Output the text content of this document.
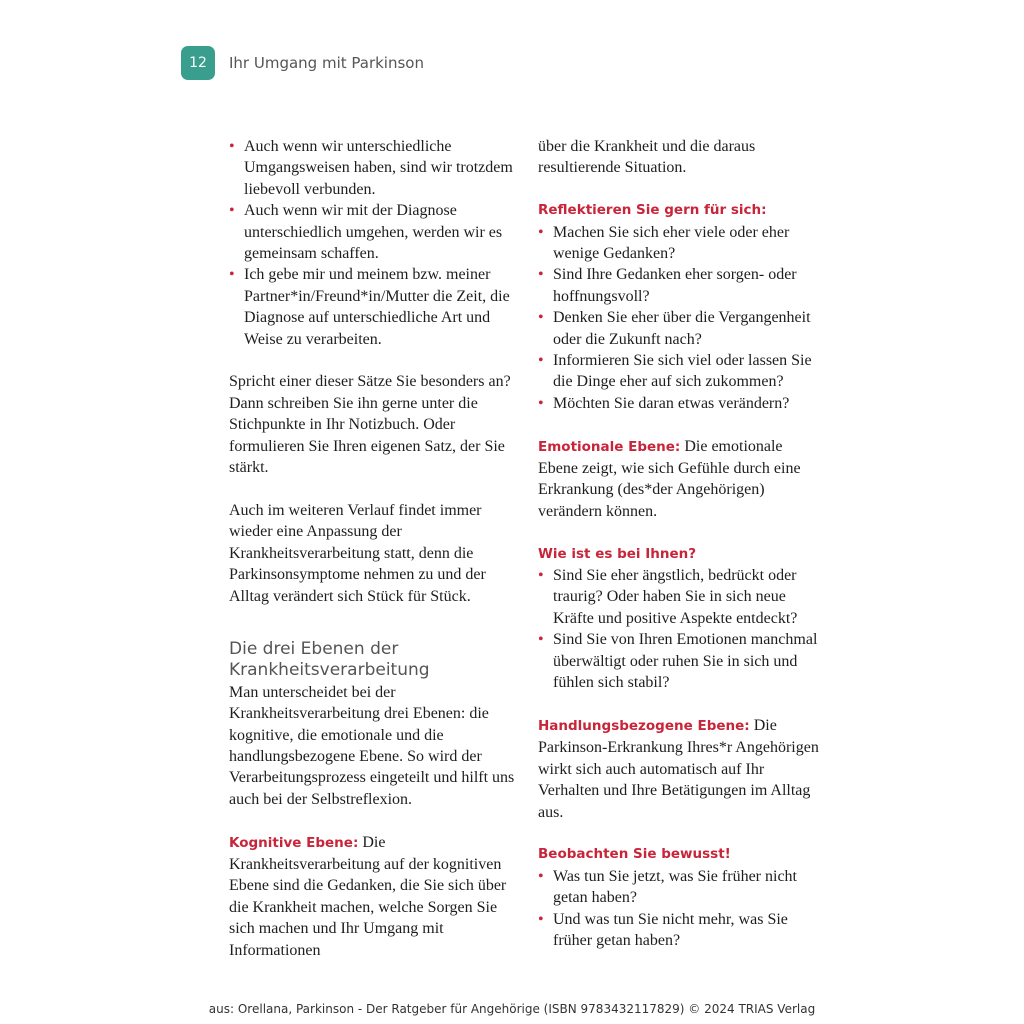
12 Ihr Umgang mit Parkinson
• Auch wenn wir unterschiedliche Umgangsweisen haben, sind wir trotzdem liebevoll verbunden.
• Auch wenn wir mit der Diagnose unterschiedlich umgehen, werden wir es gemeinsam schaffen.
• Ich gebe mir und meinem bzw. meiner Partner*in/Freund*in/Mutter die Zeit, die Diagnose auf unterschiedliche Art und Weise zu verarbeiten.

Spricht einer dieser Sätze Sie besonders an? Dann schreiben Sie ihn gerne unter die Stichpunkte in Ihr Notizbuch. Oder formulieren Sie Ihren eigenen Satz, der Sie stärkt.

Auch im weiteren Verlauf findet immer wieder eine Anpassung der Krankheitsverarbeitung statt, denn die Parkinsonsymptome nehmen zu und der Alltag verändert sich Stück für Stück.

Die drei Ebenen der Krankheitsverarbeitung

Man unterscheidet bei der Krankheitsverarbeitung drei Ebenen: die kognitive, die emotionale und die handlungsbezogene Ebene. So wird der Verarbeitungsprozess eingeteilt und hilft uns auch bei der Selbstreflexion.

Kognitive Ebene: Die Krankheitsverarbeitung auf der kognitiven Ebene sind die Gedanken, die Sie sich über die Krankheit machen, welche Sorgen Sie sich machen und Ihr Umgang mit Informationen

über die Krankheit und die daraus resultierende Situation.

Reflektieren Sie gern für sich:
• Machen Sie sich eher viele oder eher wenige Gedanken?
• Sind Ihre Gedanken eher sorgen- oder hoffnungsvoll?
• Denken Sie eher über die Vergangenheit oder die Zukunft nach?
• Informieren Sie sich viel oder lassen Sie die Dinge eher auf sich zukommen?
• Möchten Sie daran etwas verändern?

Emotionale Ebene: Die emotionale Ebene zeigt, wie sich Gefühle durch eine Erkrankung (des*der Angehörigen) verändern können.

Wie ist es bei Ihnen?
• Sind Sie eher ängstlich, bedrückt oder traurig? Oder haben Sie in sich neue Kräfte und positive Aspekte entdeckt?
• Sind Sie von Ihren Emotionen manchmal überwältigt oder ruhen Sie in sich und fühlen sich stabil?

Handlungsbezogene Ebene: Die Parkinson-Erkrankung Ihres*r Angehörigen wirkt sich auch automatisch auf Ihr Verhalten und Ihre Betätigungen im Alltag aus.

Beobachten Sie bewusst!
• Was tun Sie jetzt, was Sie früher nicht getan haben?
• Und was tun Sie nicht mehr, was Sie früher getan haben?
aus: Orellana, Parkinson - Der Ratgeber für Angehörige (ISBN 9783432117829) © 2024 TRIAS Verlag
